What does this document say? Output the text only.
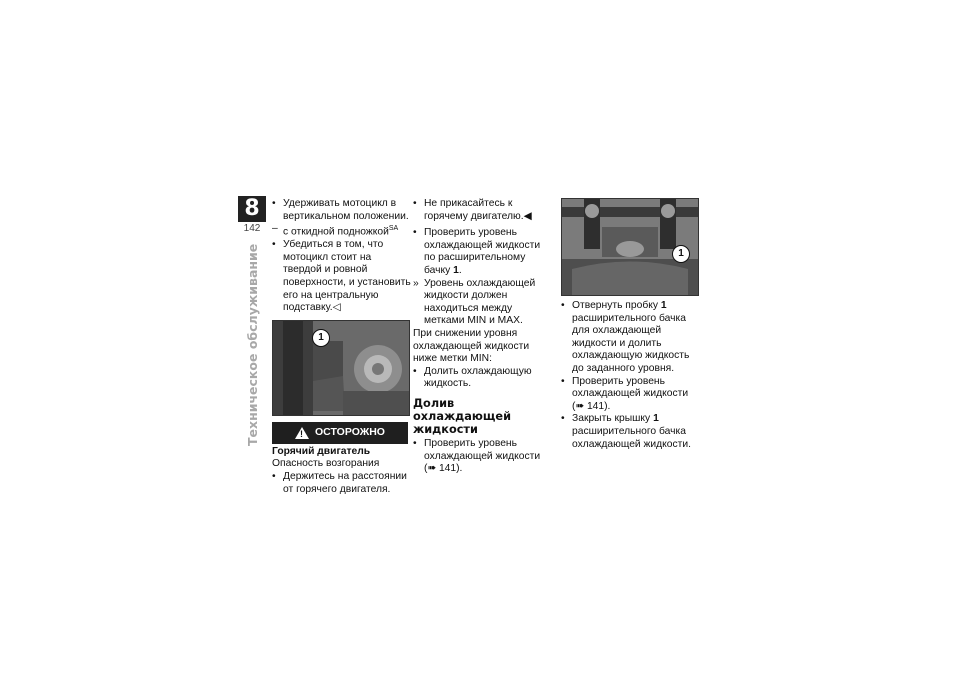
8
142
Техническое обслуживание
• Удерживать мотоцикл в вертикальном положении.
– с откидной подножкой$^{SA}$
• Убедиться в том, что мотоцикл стоит на твердой и ровной поверхности, и установить его на центральную подставку.◁
1
! ОСТОРОЖНО

Горячий двигатель

Опасность возгорания

• Держитесь на расстоянии от горячего двигателя.
• Не прикасайтесь к горячему двигателю.◀
• Проверить уровень охлаждающей жидкости по расширительному бачку 1.
» Уровень охлаждающей жидкости должен находиться между метками MIN и MAX.

При снижении уровня охлаждающей жидкости ниже метки MIN:

• Долить охлаждающую жидкость.
Долив охлаждающей жидкости
• Проверить уровень охлаждающей жидкости (➠ 141).
1
• Отвернуть пробку 1 расширительного бачка для охлаждающей жидкости и долить охлаждающую жидкость до заданного уровня.
• Проверить уровень охлаждающей жидкости (➠ 141).
• Закрыть крышку 1 расширительного бачка охлаждающей жидкости.
